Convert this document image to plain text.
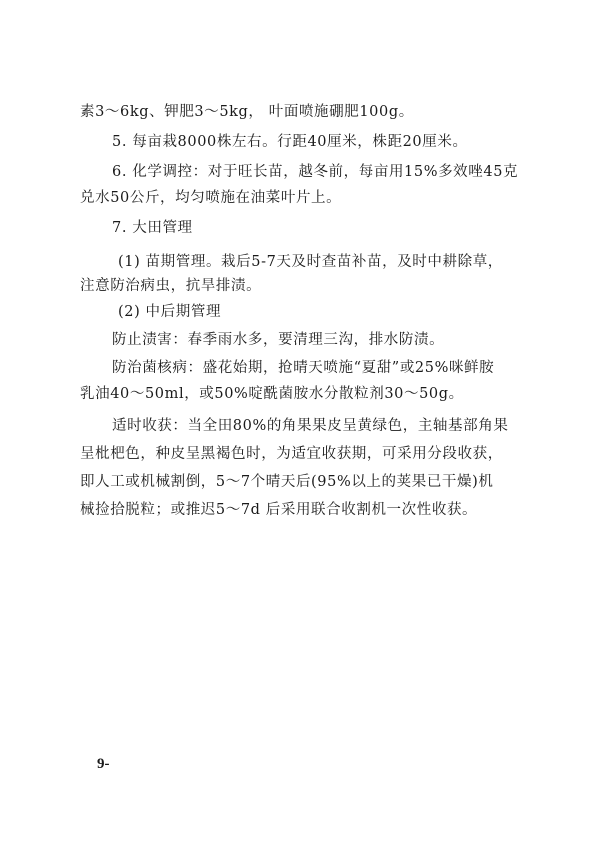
素3～6kg、钾肥3～5kg， 叶面喷施硼肥100g。
5. 每亩栽8000株左右。行距40厘米，株距20厘米。
6. 化学调控：对于旺长苗，越冬前，每亩用15%多效唑45克
兑水50公斤，均匀喷施在油菜叶片上。
7. 大田管理
(1) 苗期管理。栽后5-7天及时查苗补苗，及时中耕除草，
注意防治病虫，抗旱排渍。
(2) 中后期管理
防止渍害：春季雨水多，要清理三沟，排水防渍。
防治菌核病：盛花始期，抢晴天喷施“夏甜”或25%咪鲜胺
乳油40～50ml，或50%啶酰菌胺水分散粒剂30～50g。
适时收获：当全田80%的角果果皮呈黄绿色，主轴基部角果
呈枇杷色，种皮呈黑褐色时，为适宜收获期，可采用分段收获，
即人工或机械割倒，5～7个晴天后(95%以上的荚果已干燥)机
械捡拾脱粒；或推迟5～7d 后采用联合收割机一次性收获。
9-
